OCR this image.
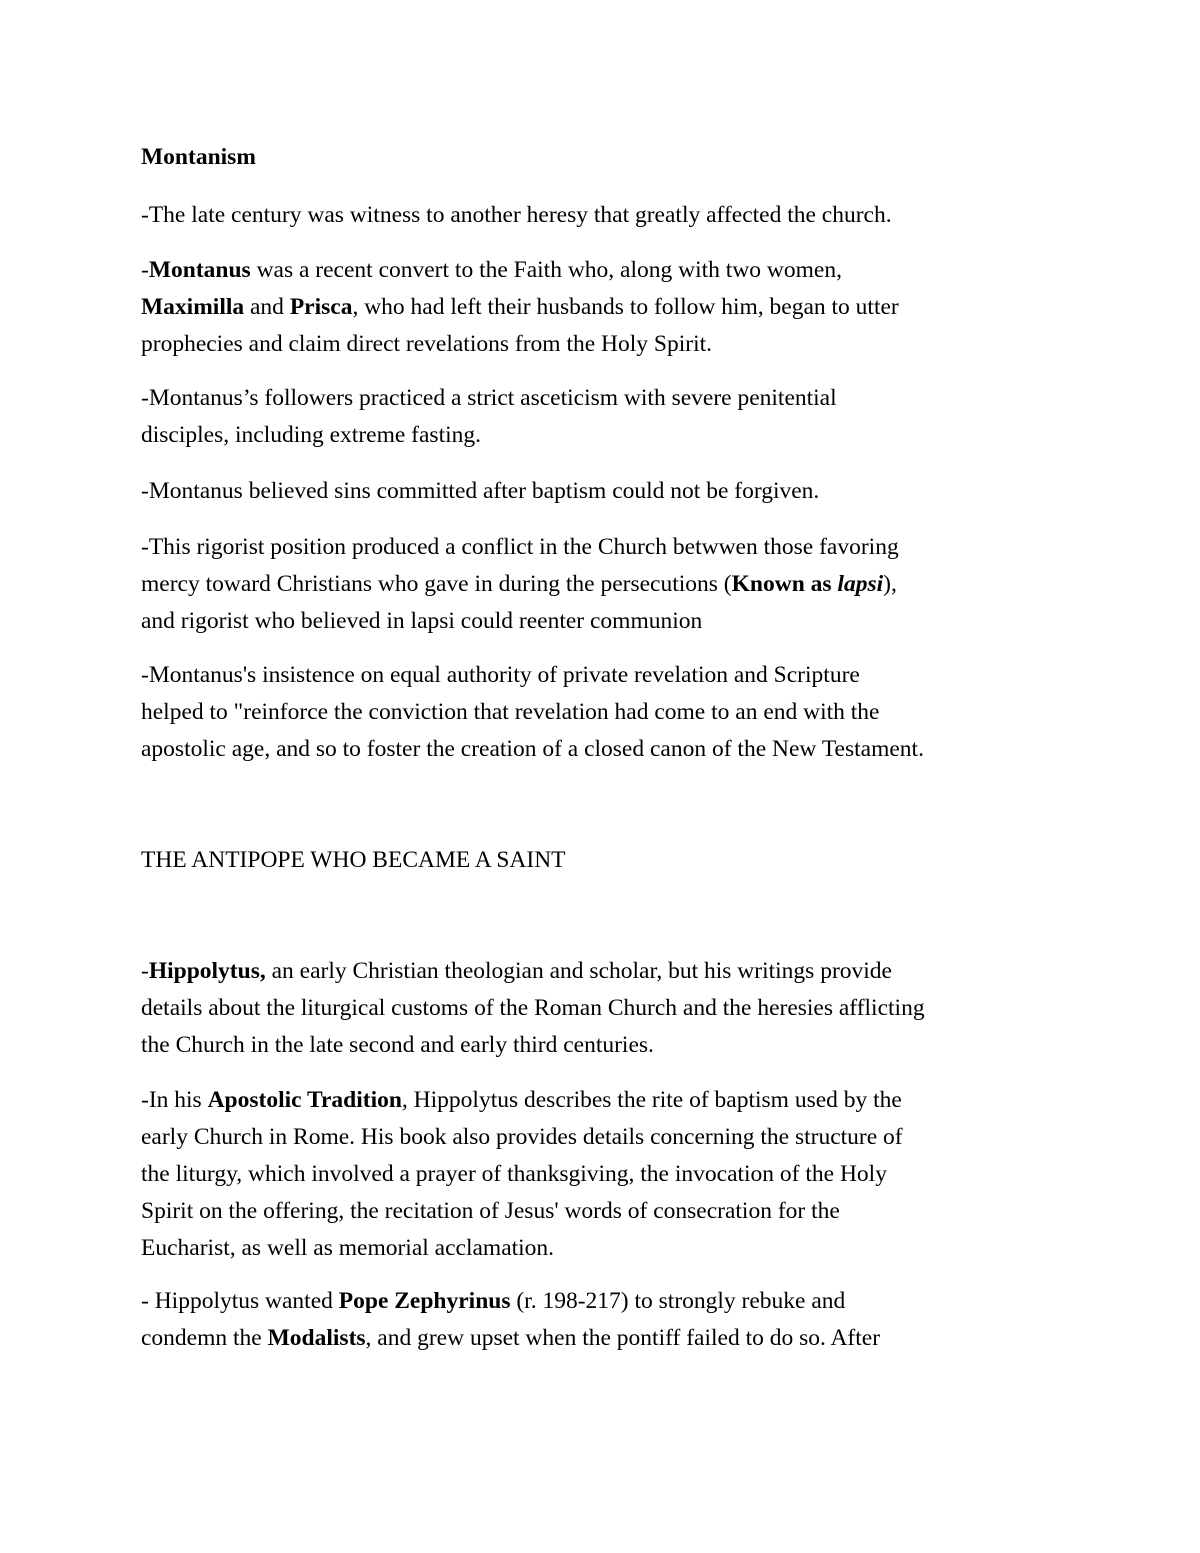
Montanism
-The late century was witness to another heresy that greatly affected the church.
-Montanus was a recent convert to the Faith who, along with two women,
Maximilla and Prisca, who had left their husbands to follow him, began to utter
prophecies and claim direct revelations from the Holy Spirit.
-Montanus’s followers practiced a strict asceticism with severe penitential
disciples, including extreme fasting.
-Montanus believed sins committed after baptism could not be forgiven.
-This rigorist position produced a conflict in the Church betwwen those favoring
mercy toward Christians who gave in during the persecutions (Known as lapsi),
and rigorist who believed in lapsi could reenter communion
-Montanus's insistence on equal authority of private revelation and Scripture
helped to "reinforce the conviction that revelation had come to an end with the
apostolic age, and so to foster the creation of a closed canon of the New Testament.
THE ANTIPOPE WHO BECAME A SAINT
-Hippolytus, an early Christian theologian and scholar, but his writings provide
details about the liturgical customs of the Roman Church and the heresies afflicting
the Church in the late second and early third centuries.
-In his Apostolic Tradition, Hippolytus describes the rite of baptism used by the
early Church in Rome. His book also provides details concerning the structure of
the liturgy, which involved a prayer of thanksgiving, the invocation of the Holy
Spirit on the offering, the recitation of Jesus' words of consecration for the
Eucharist, as well as memorial acclamation.
- Hippolytus wanted Pope Zephyrinus (r. 198-217) to strongly rebuke and
condemn the Modalists, and grew upset when the pontiff failed to do so. After
